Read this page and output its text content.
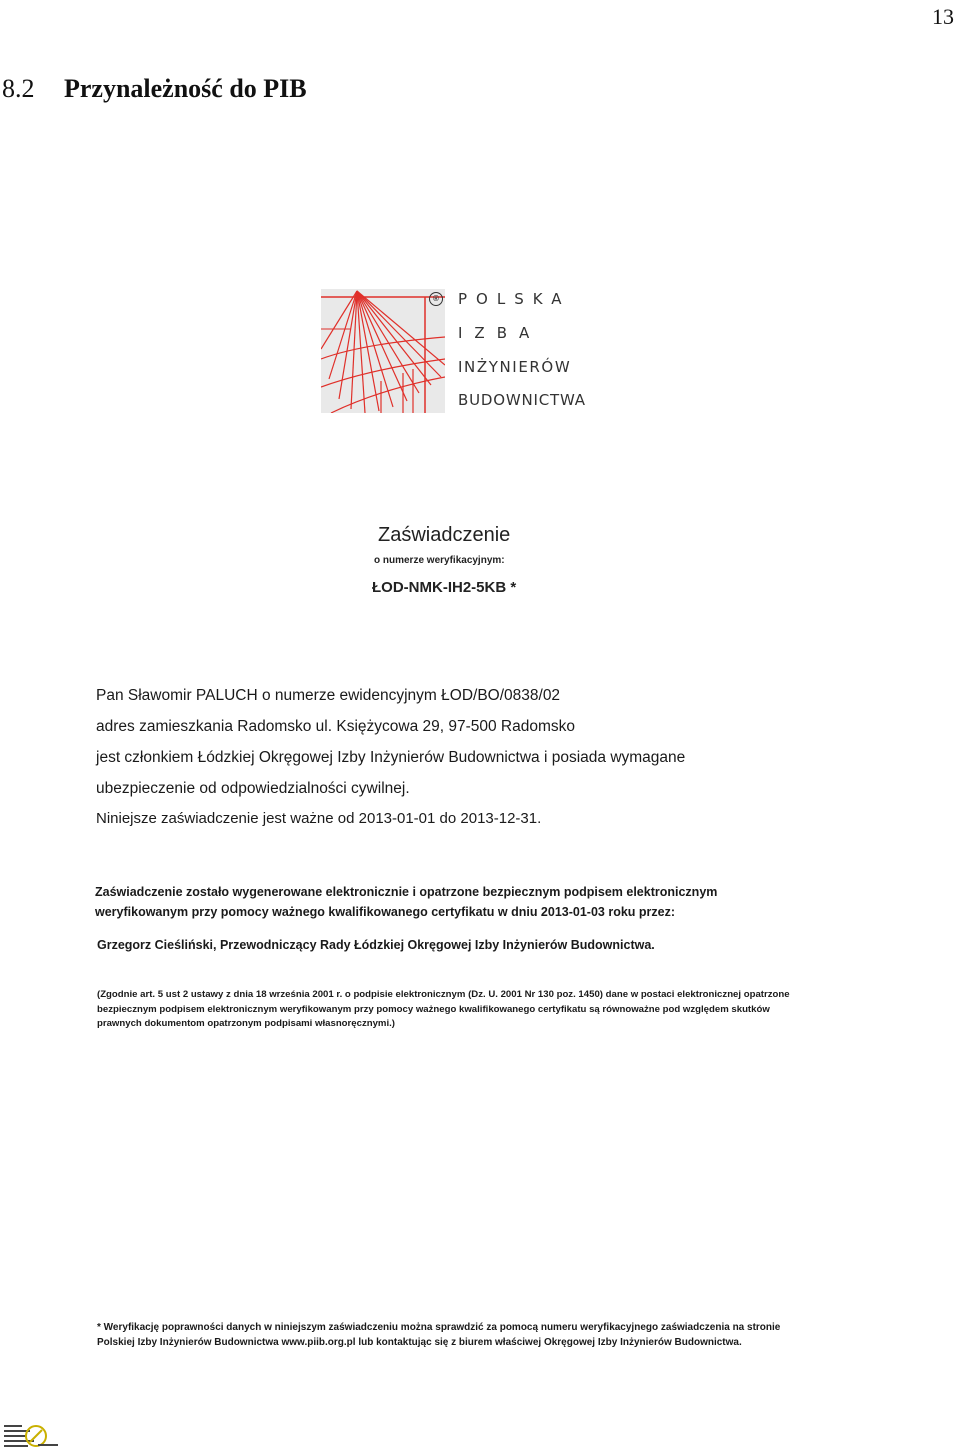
13
8.2 Przynależność do PIB
® POLSKA
IZBA
INŻYNIERÓW
BUDOWNICTWA
Zaświadczenie
o numerze weryfikacyjnym:
ŁOD-NMK-IH2-5KB *
Pan Sławomir PALUCH o numerze ewidencyjnym ŁOD/BO/0838/02
adres zamieszkania Radomsko ul. Księżycowa 29, 97-500 Radomsko
jest członkiem Łódzkiej Okręgowej Izby Inżynierów Budownictwa i posiada wymagane
ubezpieczenie od odpowiedzialności cywilnej.
Niniejsze zaświadczenie jest ważne od 2013-01-01 do 2013-12-31.
Zaświadczenie zostało wygenerowane elektronicznie i opatrzone bezpiecznym podpisem elektronicznym weryfikowanym przy pomocy ważnego kwalifikowanego certyfikatu w dniu 2013-01-03 roku przez:
Grzegorz Cieśliński, Przewodniczący Rady Łódzkiej Okręgowej Izby Inżynierów Budownictwa.
(Zgodnie art. 5 ust 2 ustawy z dnia 18 września 2001 r. o podpisie elektronicznym (Dz. U. 2001 Nr 130 poz. 1450) dane w postaci elektronicznej opatrzone bezpiecznym podpisem elektronicznym weryfikowanym przy pomocy ważnego kwalifikowanego certyfikatu są równoważne pod względem skutków prawnych dokumentom opatrzonym podpisami własnoręcznymi.)
* Weryfikację poprawności danych w niniejszym zaświadczeniu można sprawdzić za pomocą numeru weryfikacyjnego zaświadczenia na stronie Polskiej Izby Inżynierów Budownictwa www.piib.org.pl lub kontaktując się z biurem właściwej Okręgowej Izby Inżynierów Budownictwa.
